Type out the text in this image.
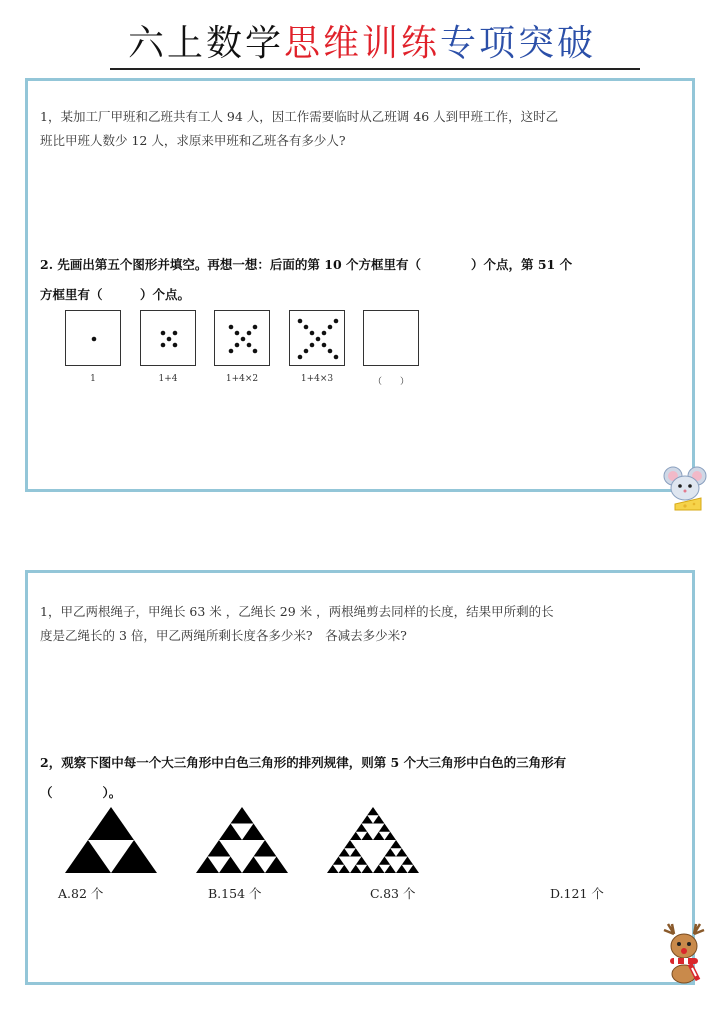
六上数学思维训练专项突破
1，某加工厂甲班和乙班共有工人 94 人，因工作需要临时从乙班调 46 人到甲班工作，这时乙
班比甲班人数少 12 人，求原来甲班和乙班各有多少人?
2. 先画出第五个图形并填空。再想一想：后面的第 10 个方框里有（　　　　）个点，第 51 个
方框里有（　　　）个点。
1	1+4	1+4×2	1+4×3	（　　）
1，甲乙两根绳子，甲绳长 63 米 ，乙绳长 29 米 ，两根绳剪去同样的长度，结果甲所剩的长
度是乙绳长的 3 倍，甲乙两绳所剩长度各多少米?　各减去多少米?
2，观察下图中每一个大三角形中白色三角形的排列规律，则第 5 个大三角形中白色的三角形有
（　　　　）。
A.82 个	B.154 个	C.83 个	D.121 个
